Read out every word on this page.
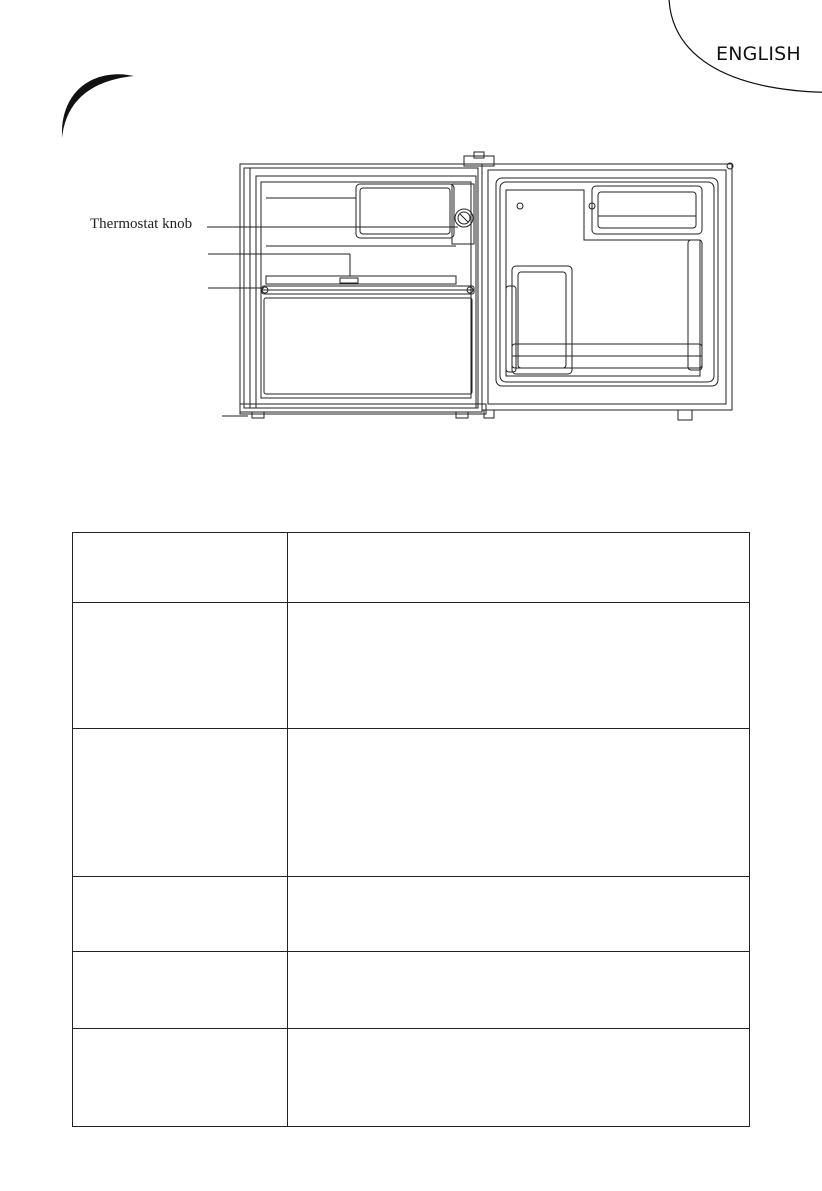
ENGLISH
Thermostat knob
